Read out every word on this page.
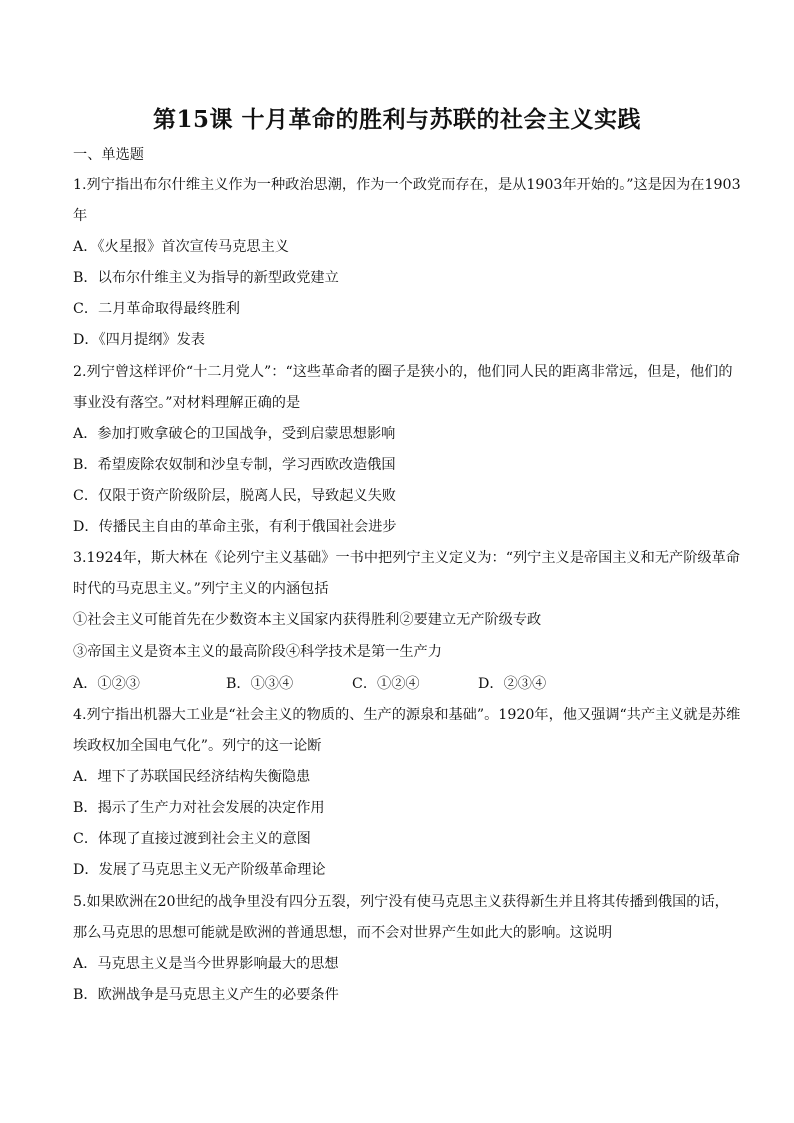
第15课 十月革命的胜利与苏联的社会主义实践
一、单选题
1.列宁指出布尔什维主义作为一种政治思潮，作为一个政党而存在，是从1903年开始的。”这是因为在1903
年
A．《火星报》首次宣传马克思主义
B．以布尔什维主义为指导的新型政党建立
C．二月革命取得最终胜利
D．《四月提纲》发表
2.列宁曾这样评价“十二月党人”：“这些革命者的圈子是狭小的，他们同人民的距离非常远，但是，他们的
事业没有落空。”对材料理解正确的是
A．参加打败拿破仑的卫国战争，受到启蒙思想影响
B．希望废除农奴制和沙皇专制，学习西欧改造俄国
C．仅限于资产阶级阶层，脱离人民，导致起义失败
D．传播民主自由的革命主张，有利于俄国社会进步
3.1924年，斯大林在《论列宁主义基础》一书中把列宁主义定义为：“列宁主义是帝国主义和无产阶级革命
时代的马克思主义。”列宁主义的内涵包括
①社会主义可能首先在少数资本主义国家内获得胜利②要建立无产阶级专政
③帝国主义是资本主义的最高阶段④科学技术是第一生产力
A．①②③	B．①③④	C．①②④	D．②③④
4.列宁指出机器大工业是“社会主义的物质的、生产的源泉和基础”。1920年，他又强调“共产主义就是苏维
埃政权加全国电气化”。列宁的这一论断
A．埋下了苏联国民经济结构失衡隐患
B．揭示了生产力对社会发展的决定作用
C．体现了直接过渡到社会主义的意图
D．发展了马克思主义无产阶级革命理论
5.如果欧洲在20世纪的战争里没有四分五裂，列宁没有使马克思主义获得新生并且将其传播到俄国的话，
那么马克思的思想可能就是欧洲的普通思想，而不会对世界产生如此大的影响。这说明
A．马克思主义是当今世界影响最大的思想
B．欧洲战争是马克思主义产生的必要条件
